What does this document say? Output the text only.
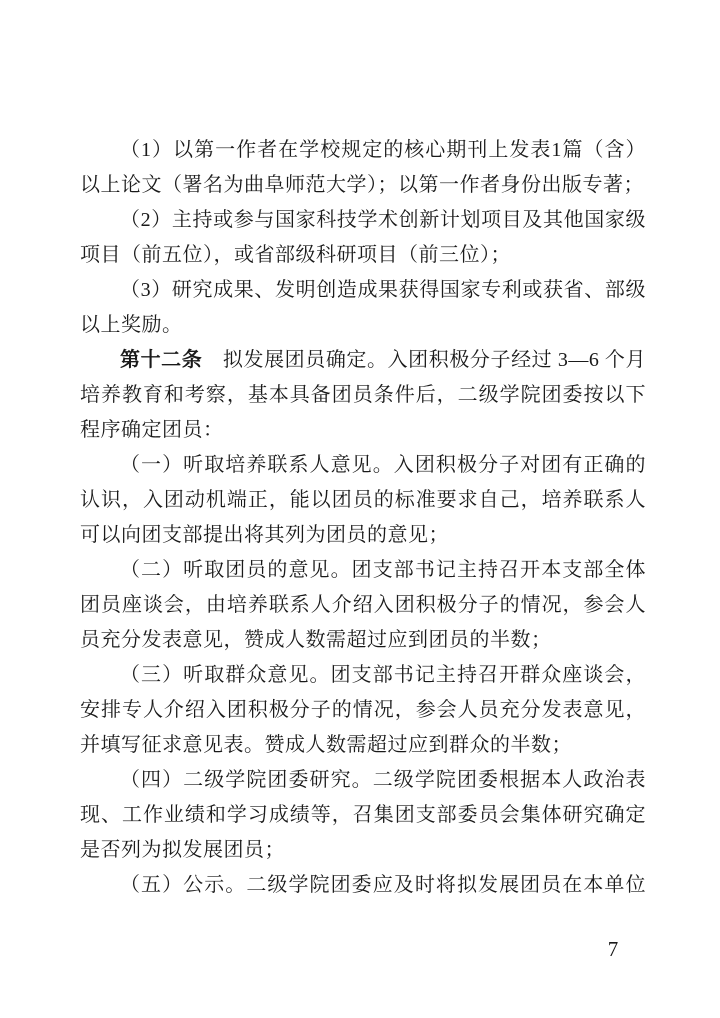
（1）以第一作者在学校规定的核心期刊上发表1篇（含）
以上论文（署名为曲阜师范大学）；以第一作者身份出版专著；
（2）主持或参与国家科技学术创新计划项目及其他国家级
项目（前五位），或省部级科研项目（前三位）；
（3）研究成果、发明创造成果获得国家专利或获省、部级
以上奖励。
第十二条　拟发展团员确定。入团积极分子经过 3—6 个月
培养教育和考察，基本具备团员条件后，二级学院团委按以下
程序确定团员：
（一）听取培养联系人意见。入团积极分子对团有正确的
认识，入团动机端正，能以团员的标准要求自己，培养联系人
可以向团支部提出将其列为团员的意见；
（二）听取团员的意见。团支部书记主持召开本支部全体
团员座谈会，由培养联系人介绍入团积极分子的情况，参会人
员充分发表意见，赞成人数需超过应到团员的半数；
（三）听取群众意见。团支部书记主持召开群众座谈会，
安排专人介绍入团积极分子的情况，参会人员充分发表意见，
并填写征求意见表。赞成人数需超过应到群众的半数；
（四）二级学院团委研究。二级学院团委根据本人政治表
现、工作业绩和学习成绩等，召集团支部委员会集体研究确定
是否列为拟发展团员；
（五）公示。二级学院团委应及时将拟发展团员在本单位
7
